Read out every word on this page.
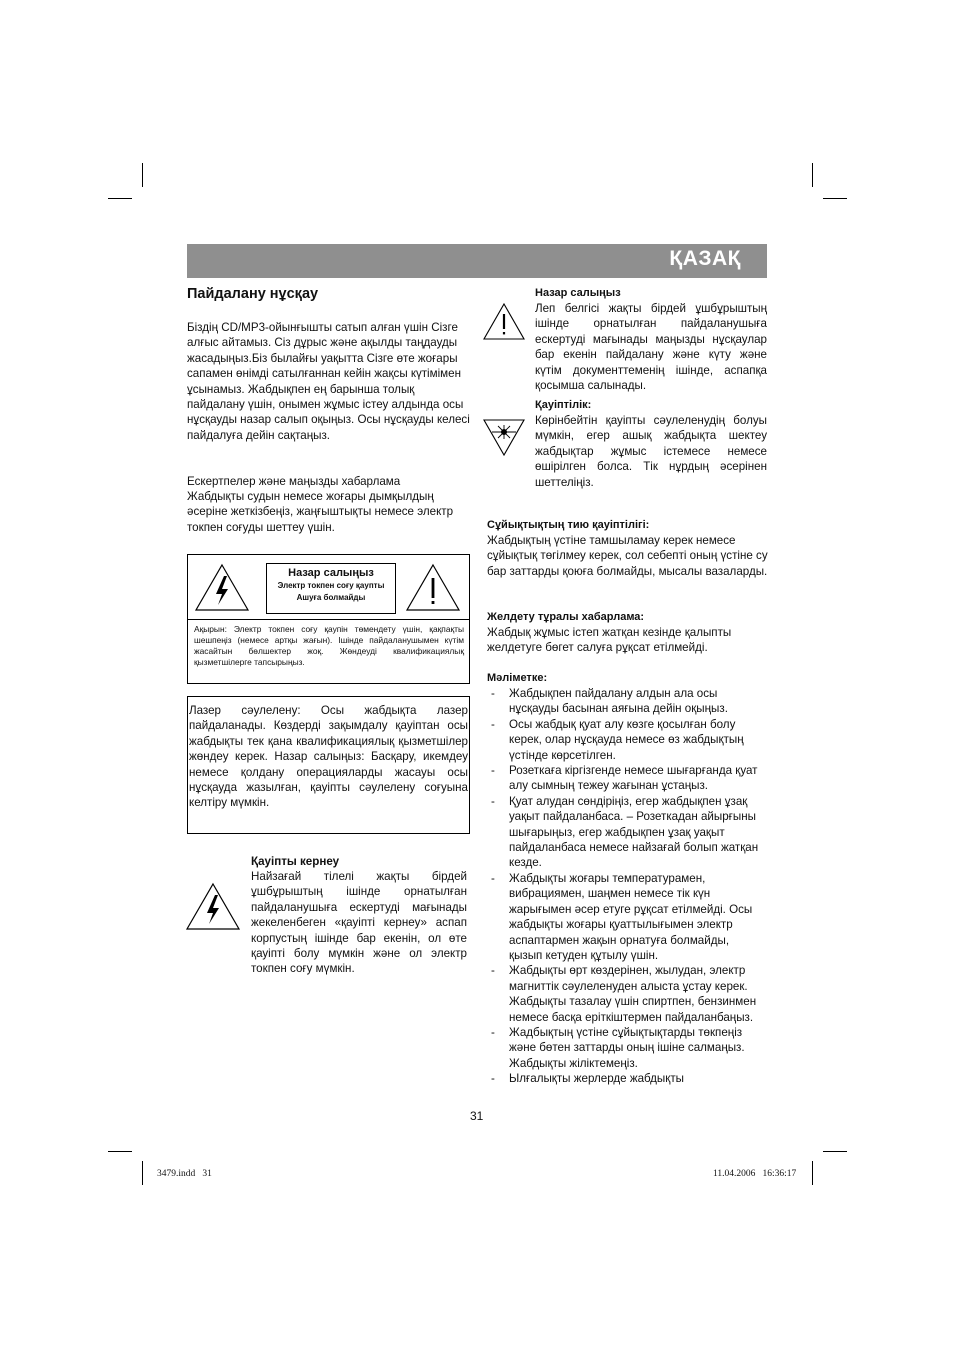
ҚАЗАҚ
Пайдалану нұсқау
Біздің CD/MP3-ойынғышты сатып алған үшін Сізге алғыс айтамыз. Сіз дұрыс және ақылды таңдауды жасадыңыз.Біз былайғы уақытта Сізге өте жоғары сапамен өнімді сатылғаннан кейін жақсы күтімімен ұсынамыз. Жабдықпен ең барынша толық пайдалану үшін, онымен жұмыс істеу алдында осы нұсқауды назар салып оқыңыз. Осы нұсқауды келесі пайдалуға дейін сақтаңыз.
Ескертпелер және маңызды хабарлама
Жабдықты судын немесе жоғары дымқылдың әсеріне жеткізбеңіз, жаңғыштықты немесе электр токпен соғуды шеттеу үшін.
Назар салыңыз
Электр токпен соғу қаупты
Ашуға болмайды
Ақырын: Электр токпен соғу қаупін төмендету үшін, қақпақты шешпеңіз (немесе артқы жағын). Ішінде пайдаланушымен күтім жасайтын бөлшектер жоқ. Жөндеуді квалификациялық қызметшілерге тапсырыңыз.
Лазер сәулелену: Осы жабдықта лазер пайдаланады. Көздерді зақымдалу қауіптан осы жабдықты тек қана квалификациялық қызметшілер жөндеу керек. Назар салыңыз: Басқару, икемдеу немесе қолдану операцияларды жасауы осы нұсқауда жазылған, қауіпты сәулелену соғуына келтіру мүмкін.
Қауіпты кернеу
Найзағай тілелі жақты бірдей ұшбұрыштың ішінде орнатылған пайдаланушыға ескертуді мағынады жекеленбеген «қауіпті кернеу» аспап корпустың ішінде бар екенін, ол өте қауіпті болу мүмкін және ол электр токпен соғу мүмкін.
Назар салыңыз
Леп белгісі жақты бірдей ұшбұрыштың ішінде орнатылған пайдаланушыға ескертуді мағынады маңызды нұсқаулар бар екенін пайдалану және күту және күтім документтеменің ішінде, аспапқа қосымша салынады.
Қауіптілік:
Көрінбейтін қауіпты сәулеленудің болуы мүмкін, егер ашық жабдықта шектеу жабдықтар жұмыс істемесе немесе өшірілген болса. Тік нұрдың әсерінен шеттеліңіз.
Сұйықтықтың тию қауіптілігі:
Жабдықтың үстіне тамшыламау керек немесе сұйықтық төгілмеу керек, сол себепті оның үстіне су бар заттарды қоюға болмайды, мысалы вазаларды.
Желдету тұралы хабарлама:
Жабдық жұмыс істеп жатқан кезінде қалыпты желдетуге бөгет салуға рұқсат етілмейді.
Мәліметке:
- Жабдықпен пайдалану алдын ала осы нұсқауды басынан аяғына дейін оқыңыз.
- Осы жабдық қуат алу көзге қосылған болу керек, олар нұсқауда немесе өз жабдықтың үстінде көрсетілген.
- Розеткаға кіргізгенде немесе шығарғанда қуат алу сымның тежеу жағынан ұстаңыз.
- Қуат алудан сөндіріңіз, егер жабдықпен ұзақ уақыт пайдаланбаса. – Розеткадан айырғыны шығарыңыз, егер жабдықпен ұзақ уақыт пайдаланбаса немесе найзағай болып жатқан кезде.
- Жабдықты жоғары температурамен, вибрациямен, шаңмен немесе тік күн жарығымен әсер етуге рұқсат етілмейді. Осы жабдықты жоғары қуаттылығымен электр аспаптармен жақын орнатуға болмайды, қызып кетуден құтылу үшін.
- Жабдықты өрт көздерінен, жылудан, электр магниттік сәулеленуден алыста ұстау керек. Жабдықты тазалау үшін спиртпен, бензинмен немесе басқа еріткіштермен пайдаланбаңыз.
- Жадбықтың үстіне сұйықтықтарды төкпеңіз және бөтен заттарды оның ішіне салмаңыз. Жабдықты жіліктемеңіз.
- Ылғалықты жерлерде жабдықты
31
3479.indd   31	11.04.2006   16:36:17
